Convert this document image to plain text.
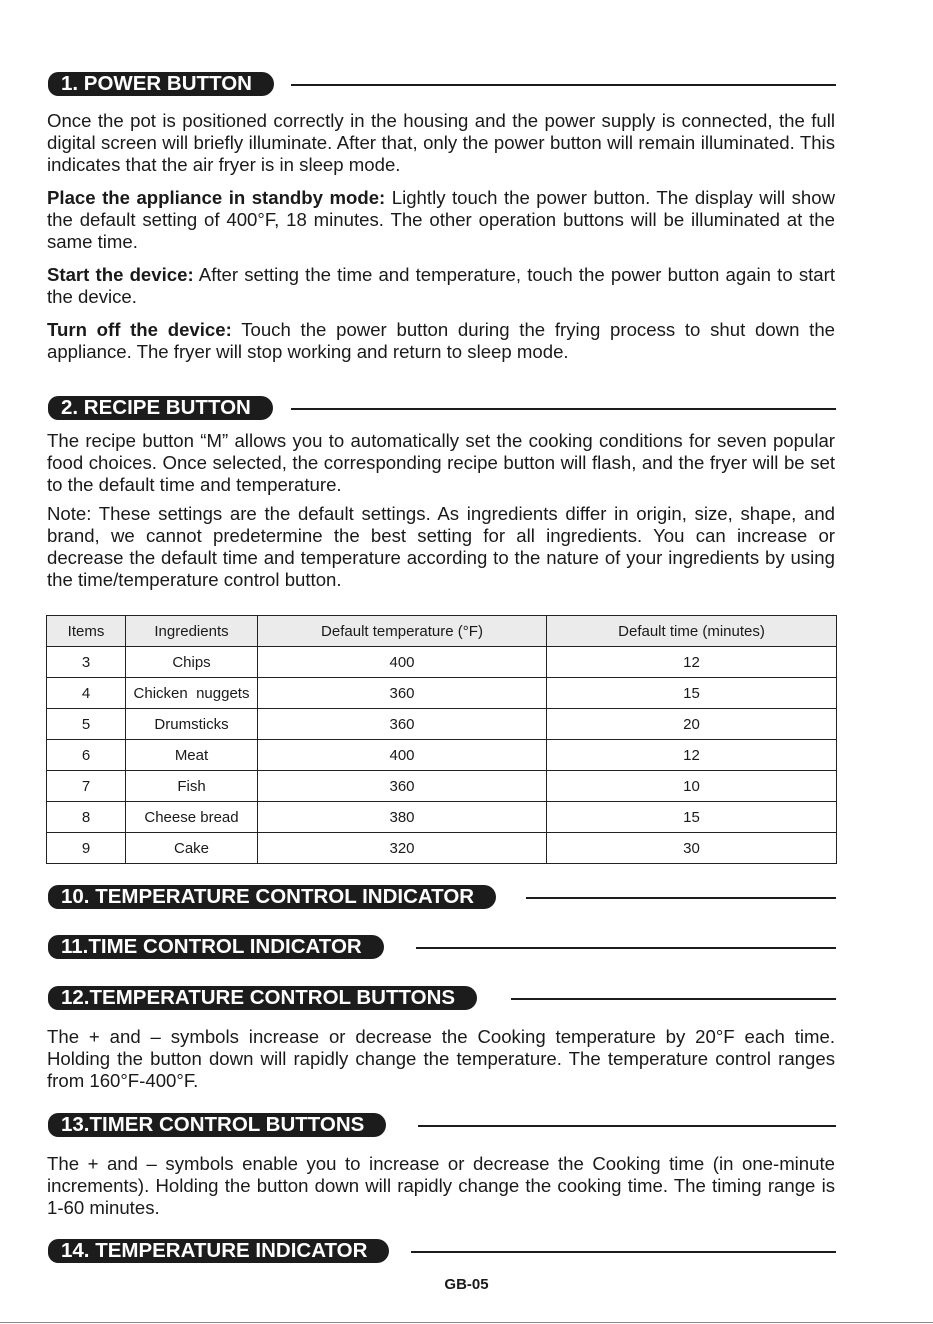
1. POWER BUTTON

Once the pot is positioned correctly in the housing and the power supply is connected, the full digital screen will briefly illuminate. After that, only the power button will remain illuminated. This indicates that the air fryer is in sleep mode.

Place the appliance in standby mode: Lightly touch the power button. The display will show the default setting of 400°F, 18 minutes. The other operation buttons will be illuminated at the same time.

Start the device: After setting the time and temperature, touch the power button again to start the device.

Turn off the device: Touch the power button during the frying process to shut down the appliance. The fryer will stop working and return to sleep mode.

2. RECIPE BUTTON

The recipe button “M” allows you to automatically set the cooking conditions for seven popular food choices. Once selected, the corresponding recipe button will flash, and the fryer will be set to the default time and temperature.

Note: These settings are the default settings. As ingredients differ in origin, size, shape, and brand, we cannot predetermine the best setting for all ingredients. You can increase or decrease the default time and temperature according to the nature of your ingredients by using the time/temperature control button.

Items	Ingredients	Default temperature (°F)	Default time (minutes)
3	Chips	400	12
4	Chicken  nuggets	360	15
5	Drumsticks	360	20
6	Meat	400	12
7	Fish	360	10
8	Cheese bread	380	15
9	Cake	320	30
10. TEMPERATURE CONTROL INDICATOR
11.TIME CONTROL INDICATOR
12.TEMPERATURE CONTROL BUTTONS

The + and – symbols increase or decrease the Cooking temperature by 20°F each time. Holding the button down will rapidly change the temperature. The temperature control ranges from 160°F-400°F.

13.TIMER CONTROL BUTTONS

The + and – symbols enable you to increase or decrease the Cooking time (in one-minute increments). Holding the button down will rapidly change the cooking time. The timing range is 1-60 minutes.

14. TEMPERATURE INDICATOR
GB-05
